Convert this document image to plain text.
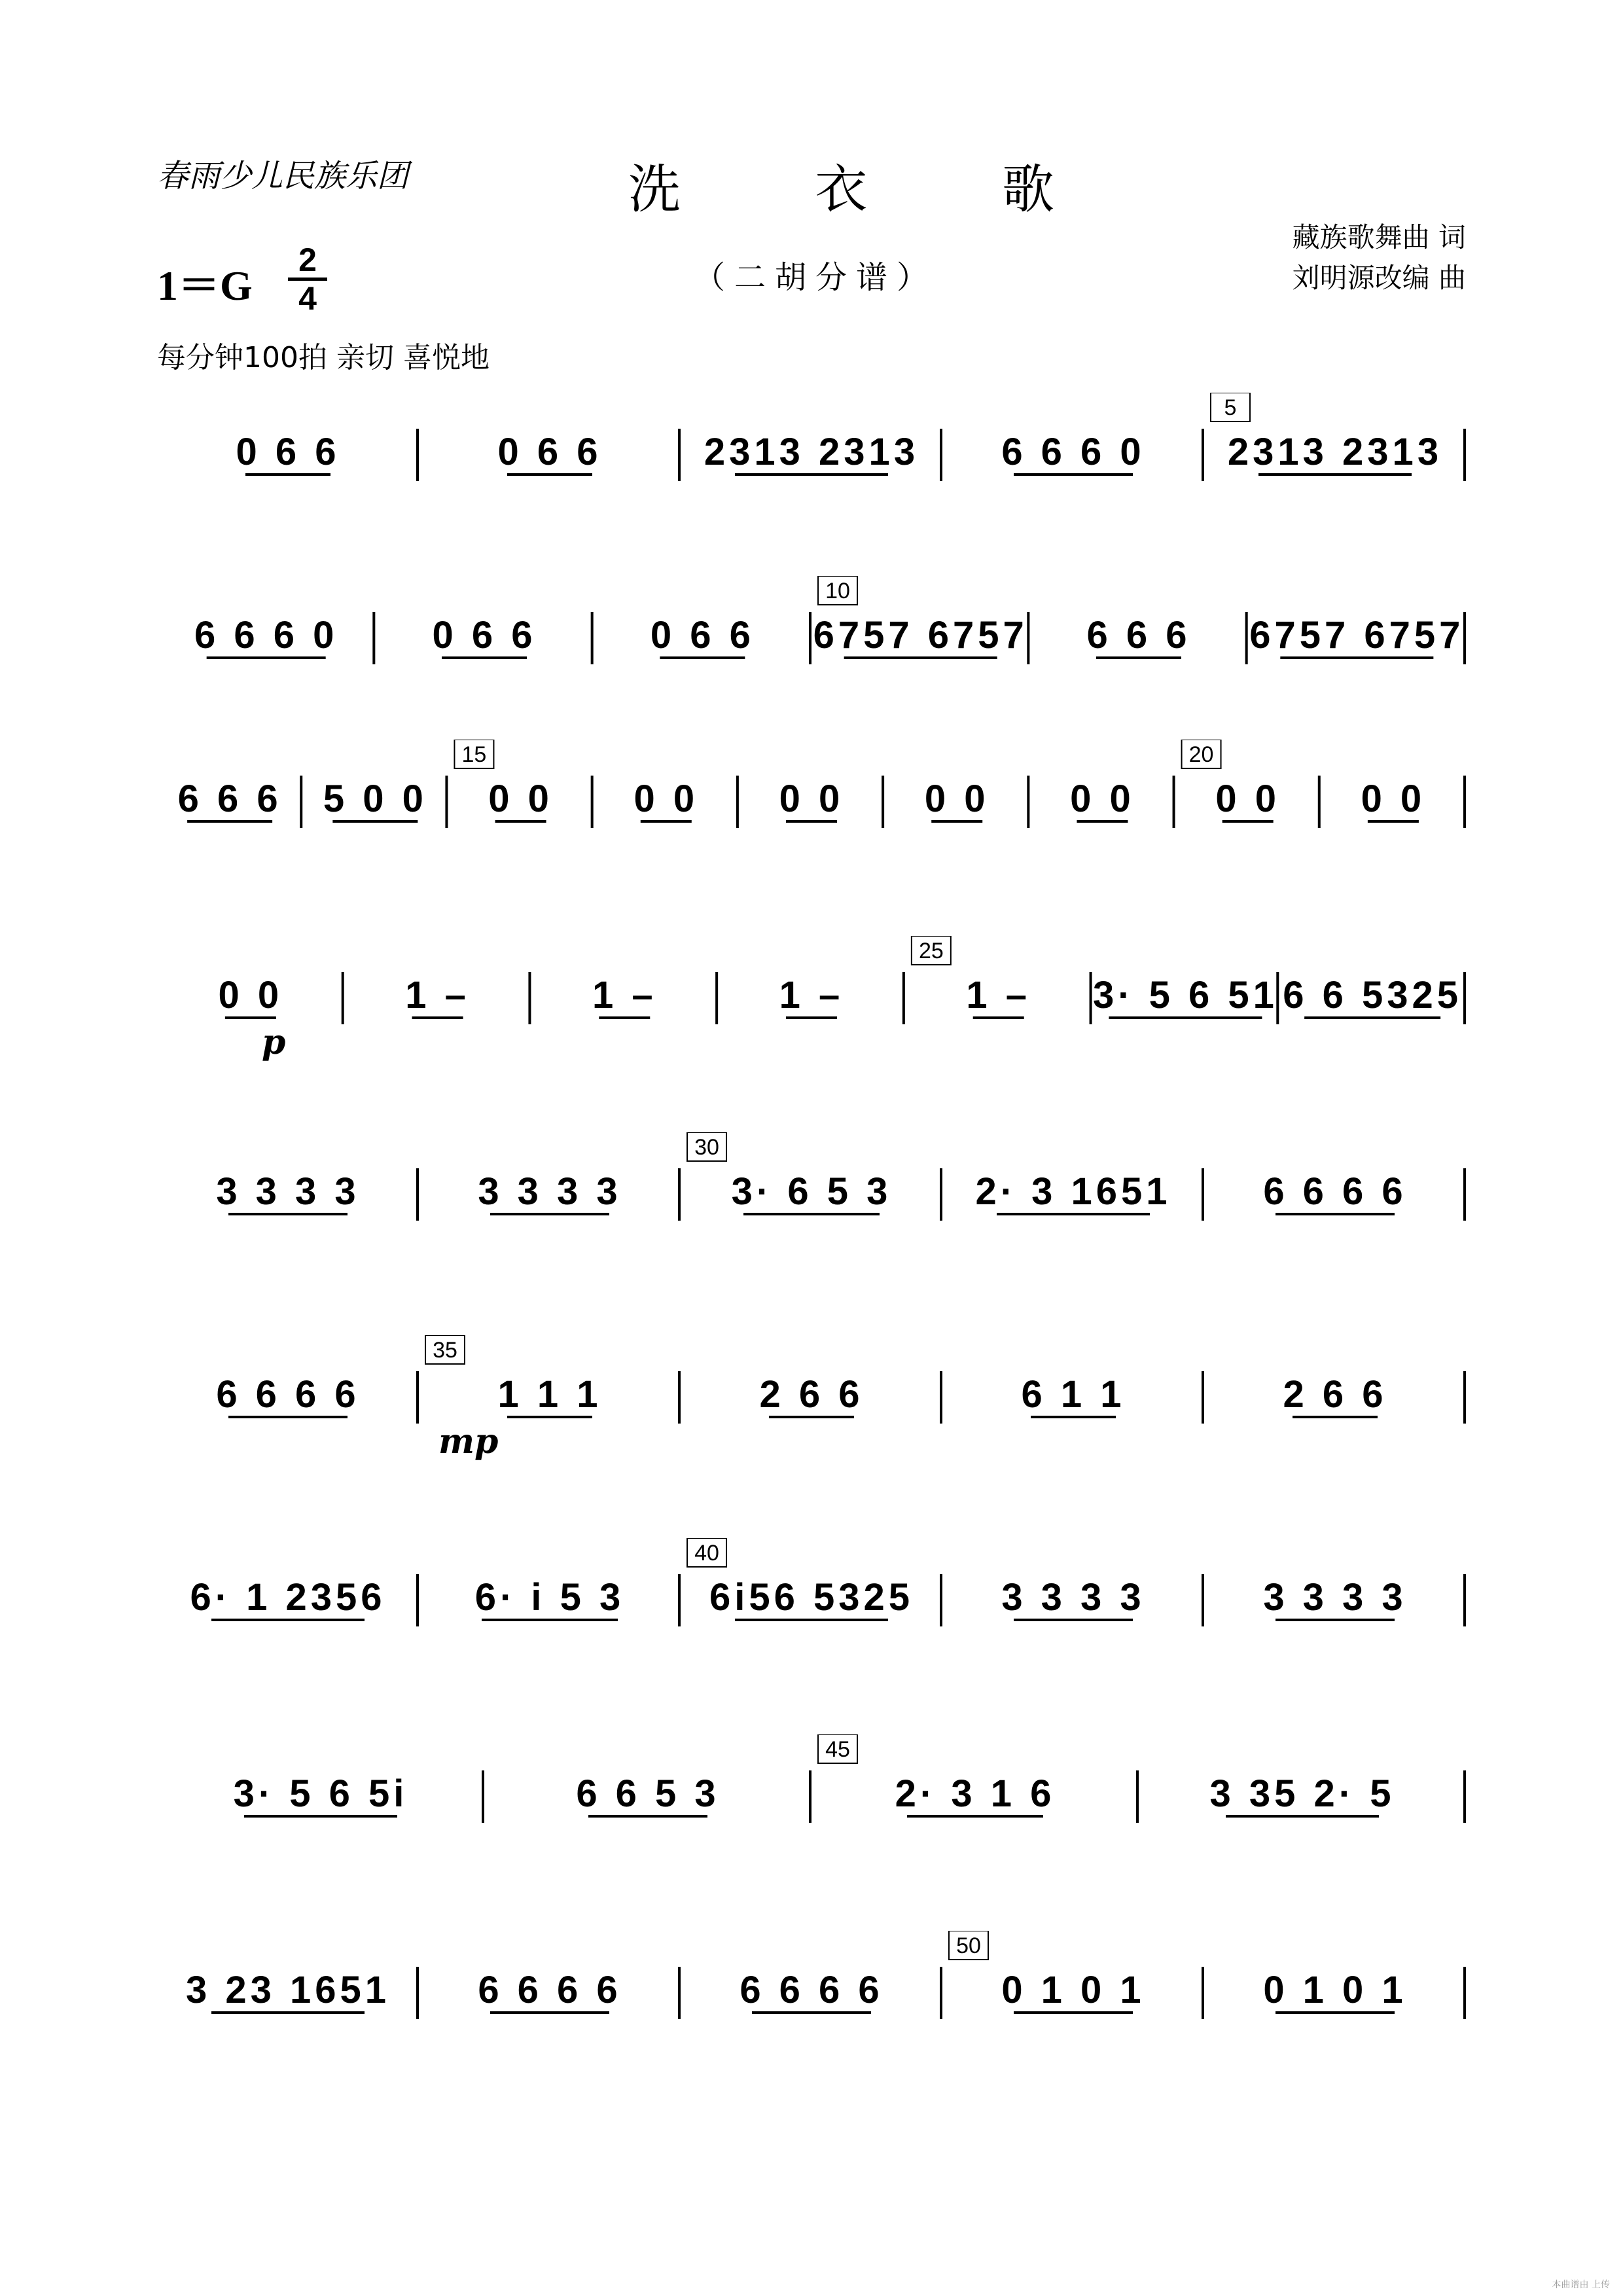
春雨少儿民族乐团	洗 衣 歌
（二胡分谱）
藏族歌舞曲 词
刘明源改编 曲
1＝G
2
4
每分钟100拍 亲切 喜悦地
本曲谱由 上传
0 6 6	0 6 6	2313 2313 6 6 6 0 2313 2313
5
6 6 6 0 0 6 6	0 6 6 6757 6757 6 6 6 6757 6757
10
6 6 6 5 0 0 0 0 0 0 0 0 0 0 0 0 0 0 0 0
15	20
0 0	1 –	1 –	1 –	1 – 3· 5 6 51 6 6 5325
25
p
3 3 3 3	3 3 3 3	3· 6 5 3 2· 3 1651 6 6 6 6
30
6 6 6 6	1 1 1	2 6 6	6 1 1	2 6 6
35
mp
6· 1 2356 6· i 5 3 6i56 5325 3 3 3 3	3 3 3 3
40
3· 5 6 5i	6 6 5 3	2· 3 1 6	3 35 2· 5
45
3 23 1651 6 6 6 6	6 6 6 6	0 1 0 1	0 1 0 1
50
